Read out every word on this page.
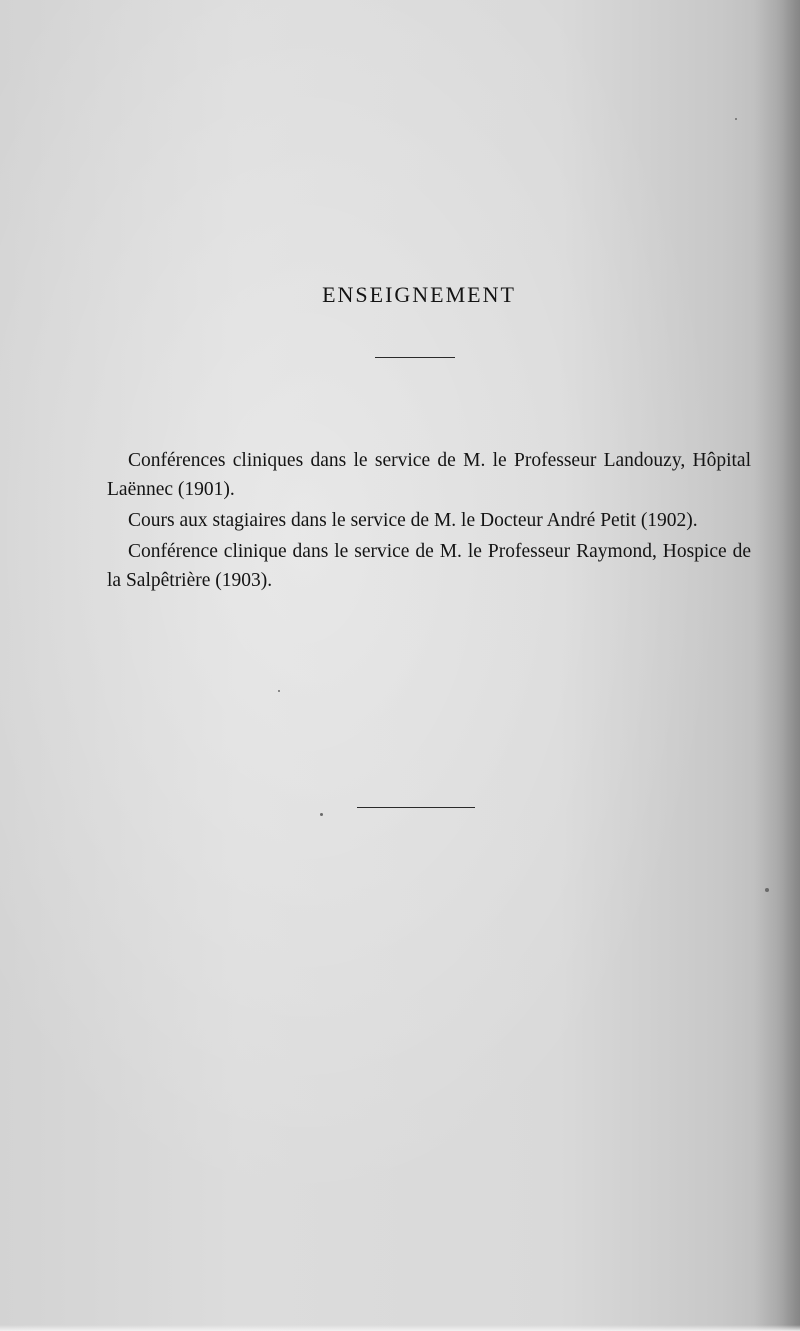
ENSEIGNEMENT

Conférences cliniques dans le service de M. le Professeur Landouzy, Hôpital Laënnec (1901).

Cours aux stagiaires dans le service de M. le Docteur André Petit (1902).

Conférence clinique dans le service de M. le Professeur Raymond, Hospice de la Salpêtrière (1903).
